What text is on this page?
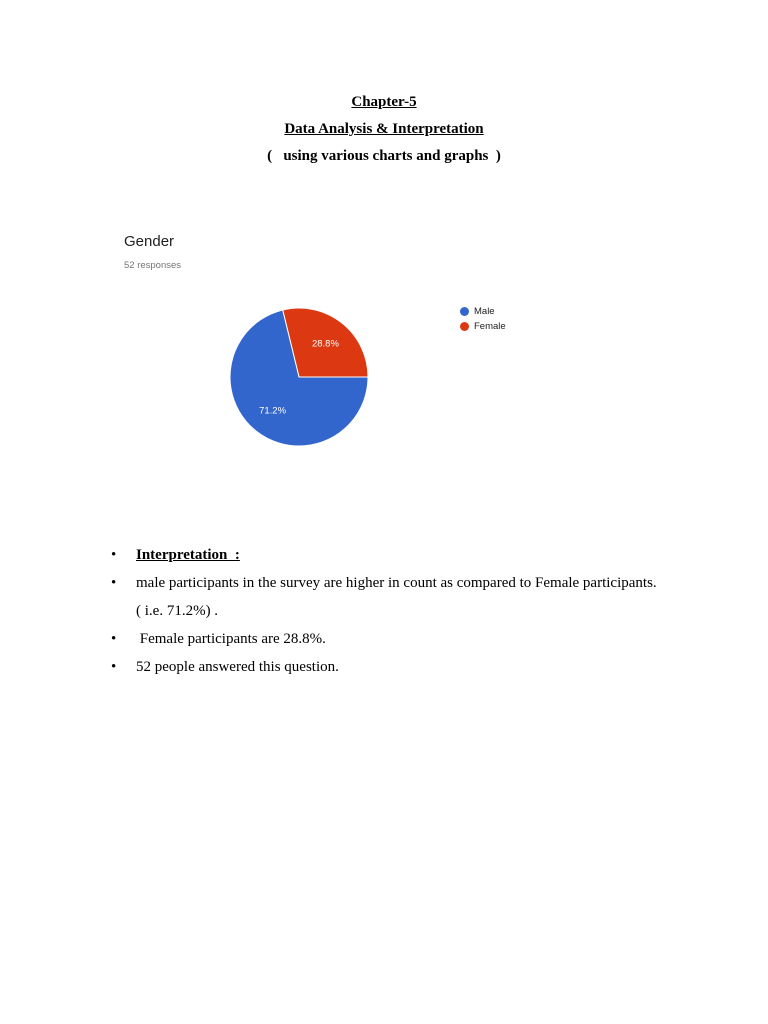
Chapter-5
Data Analysis & Interpretation
(   using various charts and graphs  )
Gender
52 responses
28.8%
71.2%
Male
Female
• Interpretation  :
• male participants in the survey are higher in count as compared to Female participants.
( i.e. 71.2%) .
•  Female participants are 28.8%.
• 52 people answered this question.
